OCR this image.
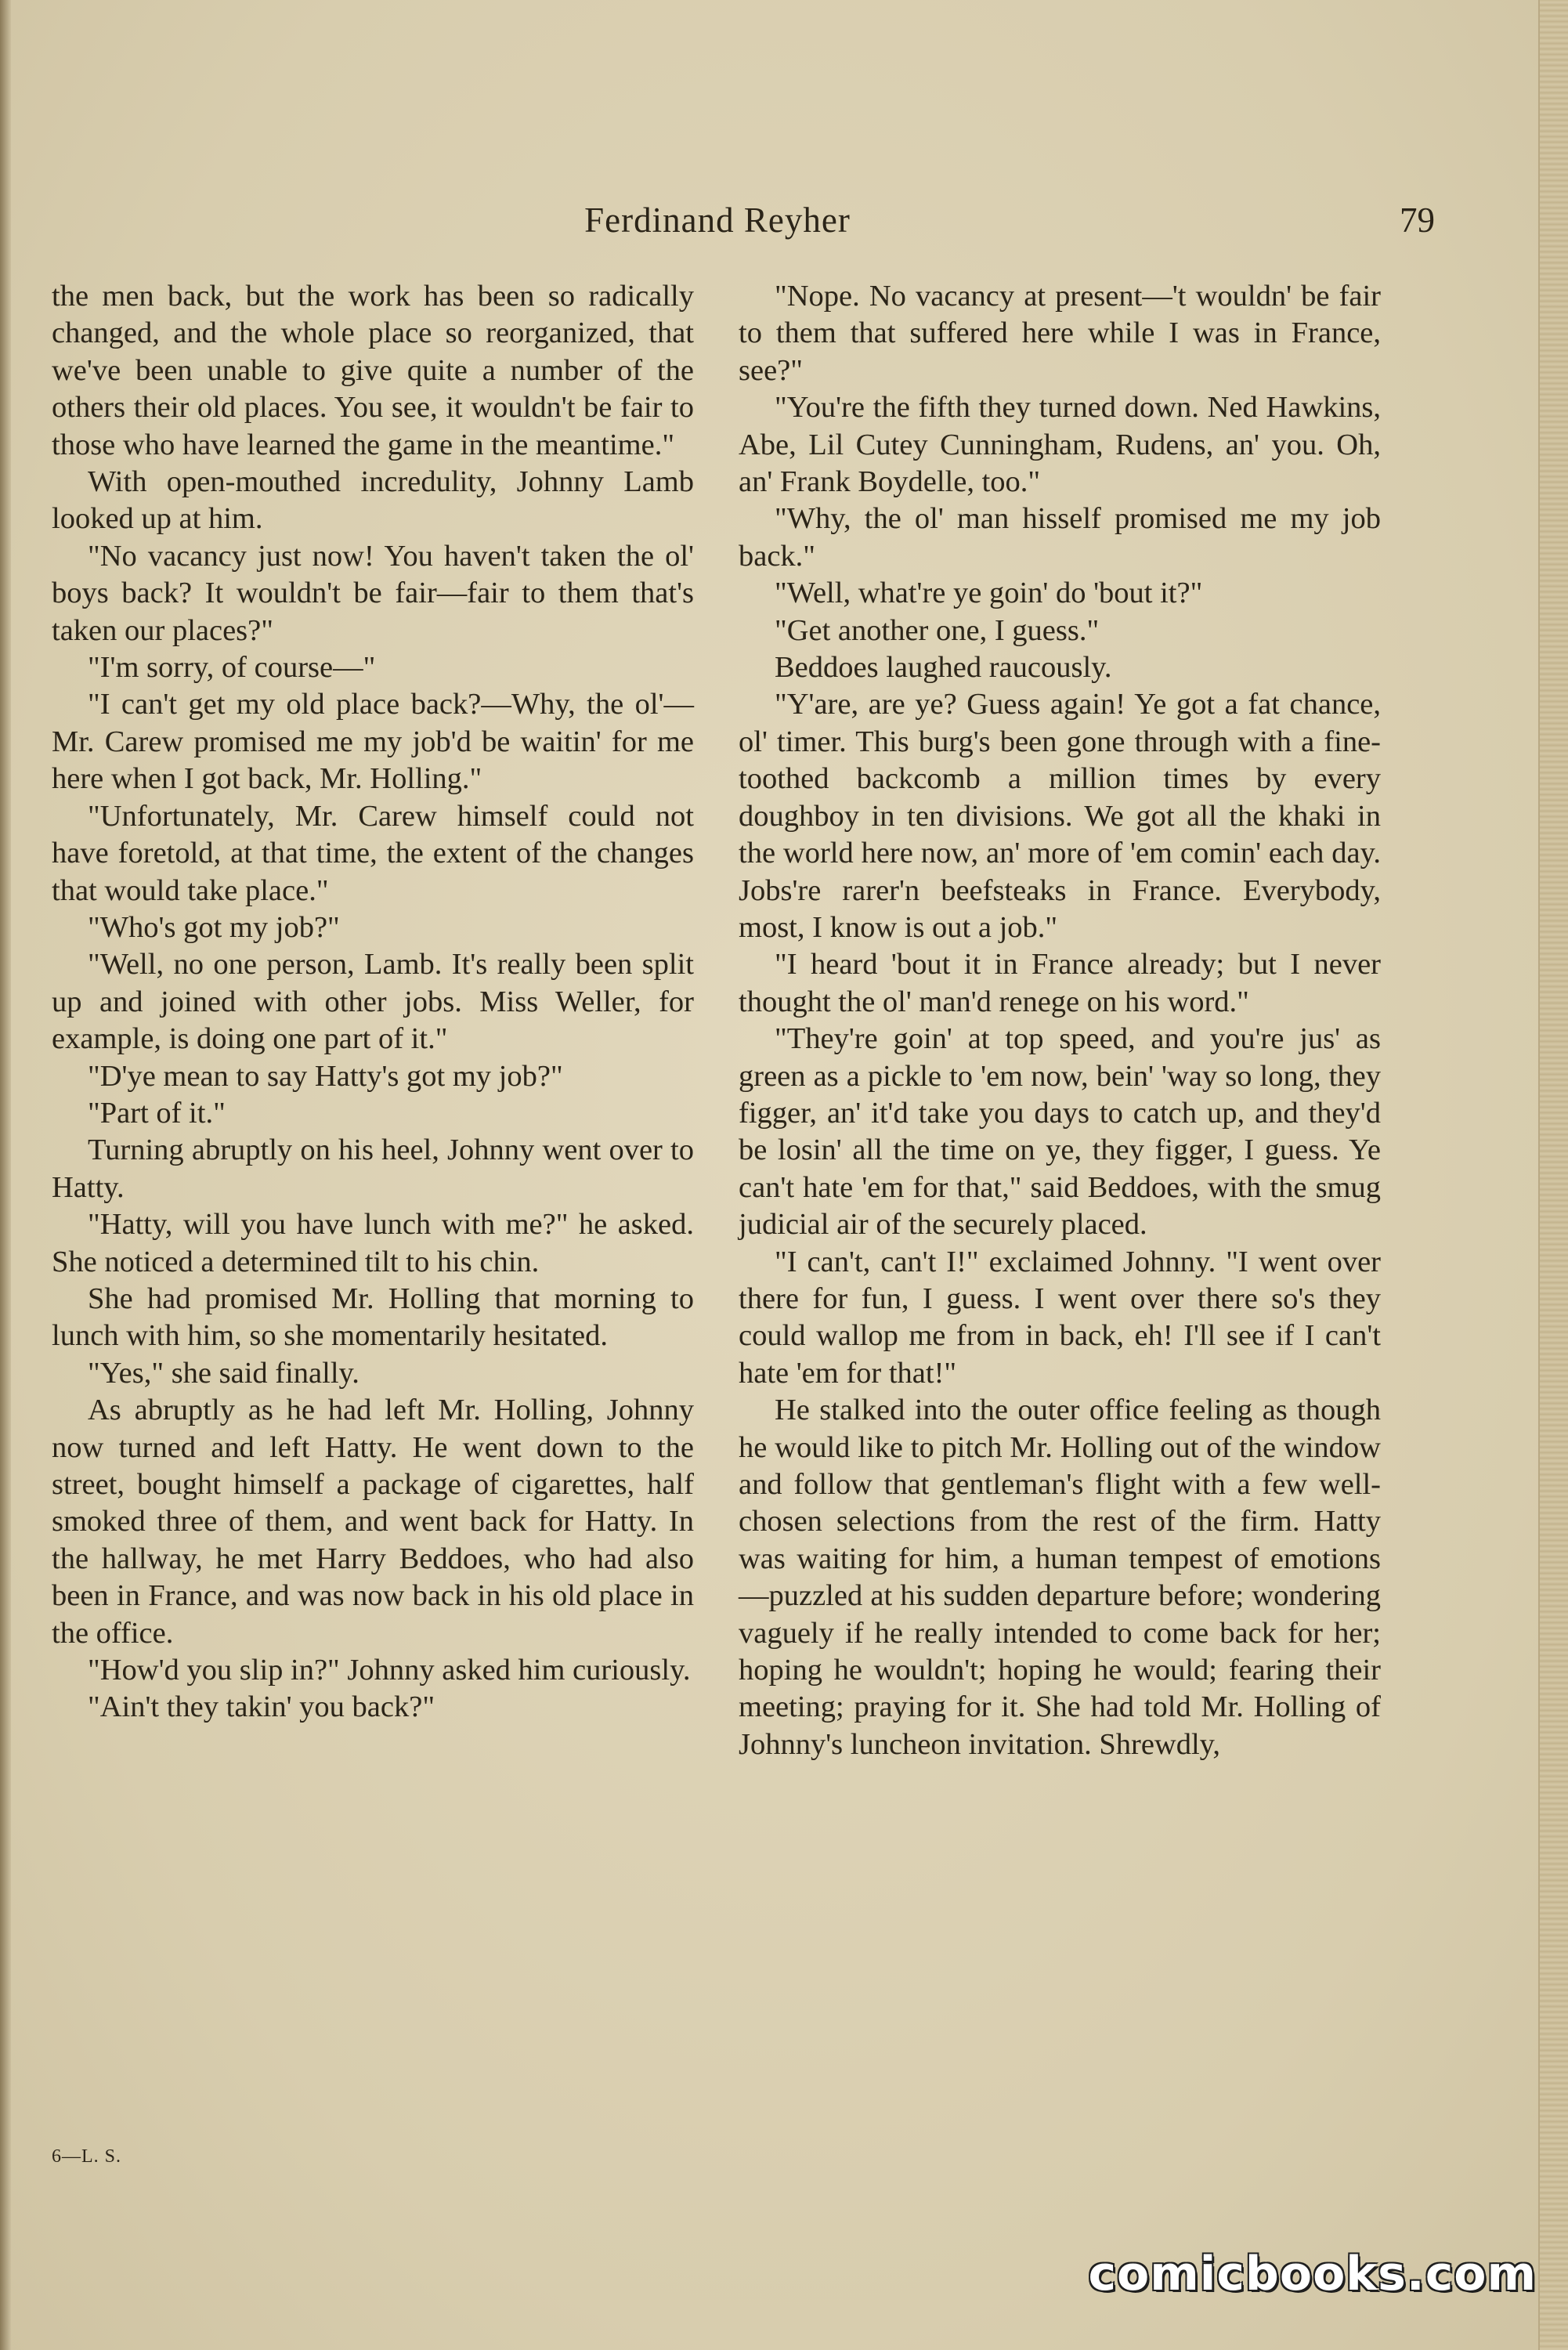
Ferdinand Reyher	79

the men back, but the work has been so radically changed, and the whole place so reorganized, that we've been unable to give quite a number of the others their old places. You see, it wouldn't be fair to those who have learned the game in the meantime."

With open-mouthed incredulity, Johnny Lamb looked up at him.

"No vacancy just now! You haven't taken the ol' boys back? It wouldn't be fair—fair to them that's taken our places?"

"I'm sorry, of course—"

"I can't get my old place back?—Why, the ol'—Mr. Carew promised me my job'd be waitin' for me here when I got back, Mr. Holling."

"Unfortunately, Mr. Carew himself could not have foretold, at that time, the extent of the changes that would take place."

"Who's got my job?"

"Well, no one person, Lamb. It's really been split up and joined with other jobs. Miss Weller, for example, is doing one part of it."

"D'ye mean to say Hatty's got my job?"

"Part of it."

Turning abruptly on his heel, Johnny went over to Hatty.

"Hatty, will you have lunch with me?" he asked. She noticed a determined tilt to his chin.

She had promised Mr. Holling that morning to lunch with him, so she momentarily hesitated.

"Yes," she said finally.

As abruptly as he had left Mr. Holling, Johnny now turned and left Hatty. He went down to the street, bought himself a package of cigarettes, half smoked three of them, and went back for Hatty. In the hallway, he met Harry Beddoes, who had also been in France, and was now back in his old place in the office.

"How'd you slip in?" Johnny asked him curiously.

"Ain't they takin' you back?"

"Nope. No vacancy at present—'t wouldn' be fair to them that suffered here while I was in France, see?"

"You're the fifth they turned down. Ned Hawkins, Abe, Lil Cutey Cunningham, Rudens, an' you. Oh, an' Frank Boydelle, too."

"Why, the ol' man hisself promised me my job back."

"Well, what're ye goin' do 'bout it?"

"Get another one, I guess."

Beddoes laughed raucously.

"Y'are, are ye? Guess again! Ye got a fat chance, ol' timer. This burg's been gone through with a fine-toothed backcomb a million times by every doughboy in ten divisions. We got all the khaki in the world here now, an' more of 'em comin' each day. Jobs're rarer'n beefsteaks in France. Everybody, most, I know is out a job."

"I heard 'bout it in France already; but I never thought the ol' man'd renege on his word."

"They're goin' at top speed, and you're jus' as green as a pickle to 'em now, bein' 'way so long, they figger, an' it'd take you days to catch up, and they'd be losin' all the time on ye, they figger, I guess. Ye can't hate 'em for that," said Beddoes, with the smug judicial air of the securely placed.

"I can't, can't I!" exclaimed Johnny. "I went over there for fun, I guess. I went over there so's they could wallop me from in back, eh! I'll see if I can't hate 'em for that!"

He stalked into the outer office feeling as though he would like to pitch Mr. Holling out of the window and follow that gentleman's flight with a few well-chosen selections from the rest of the firm. Hatty was waiting for him, a human tempest of emotions—puzzled at his sudden departure before; wondering vaguely if he really intended to come back for her; hoping he wouldn't; hoping he would; fearing their meeting; praying for it. She had told Mr. Holling of Johnny's luncheon invitation. Shrewdly,

6—L. S.
comicbooks.com
